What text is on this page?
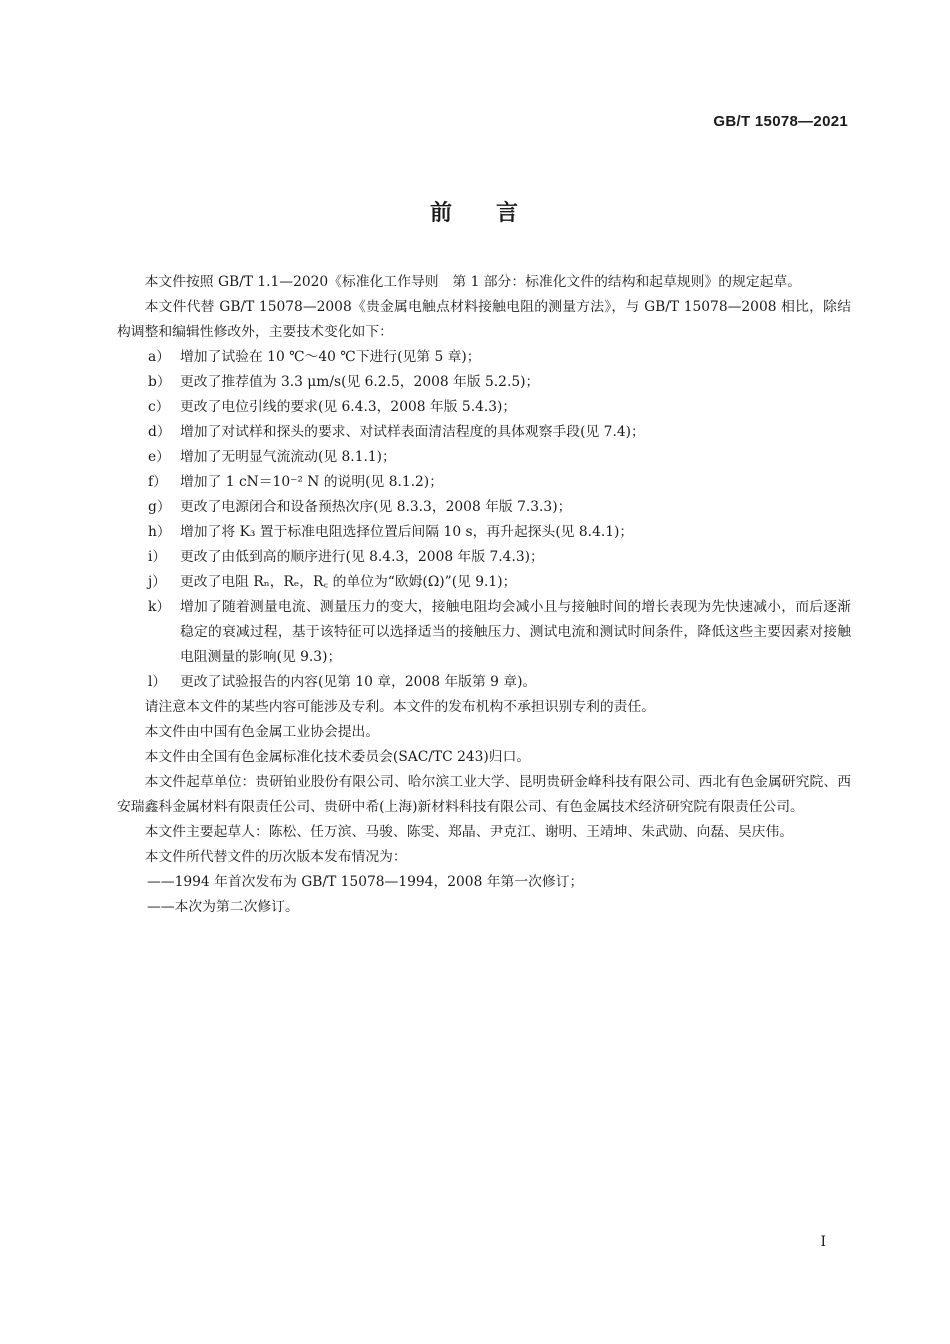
GB/T 15078—2021
前 言

本文件按照 GB/T 1.1—2020《标准化工作导则　第 1 部分：标准化文件的结构和起草规则》的规定起草。

本文件代替 GB/T 15078—2008《贵金属电触点材料接触电阻的测量方法》，与 GB/T 15078—2008 相比，除结构调整和编辑性修改外，主要技术变化如下：

a） 增加了试验在 10 ℃～40 ℃下进行(见第 5 章)；

b） 更改了推荐值为 3.3 μm/s(见 6.2.5，2008 年版 5.2.5)；

c） 更改了电位引线的要求(见 6.4.3，2008 年版 5.4.3)；

d） 增加了对试样和探头的要求、对试样表面清洁程度的具体观察手段(见 7.4)；

e） 增加了无明显气流流动(见 8.1.1)；

f） 增加了 1 cN＝10⁻² N 的说明(见 8.1.2)；

g） 更改了电源闭合和设备预热次序(见 8.3.3，2008 年版 7.3.3)；

h） 增加了将 K₃ 置于标准电阻选择位置后间隔 10 s，再升起探头(见 8.4.1)；

i） 更改了由低到高的顺序进行(见 8.4.3，2008 年版 7.4.3)；

j） 更改了电阻 Rₙ，Rₑ，R꜀ 的单位为“欧姆(Ω)”(见 9.1)；

k） 增加了随着测量电流、测量压力的变大，接触电阻均会减小且与接触时间的增长表现为先快速减小，而后逐渐稳定的衰减过程，基于该特征可以选择适当的接触压力、测试电流和测试时间条件，降低这些主要因素对接触电阻测量的影响(见 9.3)；

l） 更改了试验报告的内容(见第 10 章，2008 年版第 9 章)。

请注意本文件的某些内容可能涉及专利。本文件的发布机构不承担识别专利的责任。

本文件由中国有色金属工业协会提出。

本文件由全国有色金属标准化技术委员会(SAC/TC 243)归口。

本文件起草单位：贵研铂业股份有限公司、哈尔滨工业大学、昆明贵研金峰科技有限公司、西北有色金属研究院、西安瑞鑫科金属材料有限责任公司、贵研中希(上海)新材料科技有限公司、有色金属技术经济研究院有限责任公司。

本文件主要起草人：陈松、任万滨、马骏、陈雯、郑晶、尹克江、谢明、王靖坤、朱武勋、向磊、吴庆伟。

本文件所代替文件的历次版本发布情况为：

——1994 年首次发布为 GB/T 15078—1994，2008 年第一次修订；

——本次为第二次修订。

I
